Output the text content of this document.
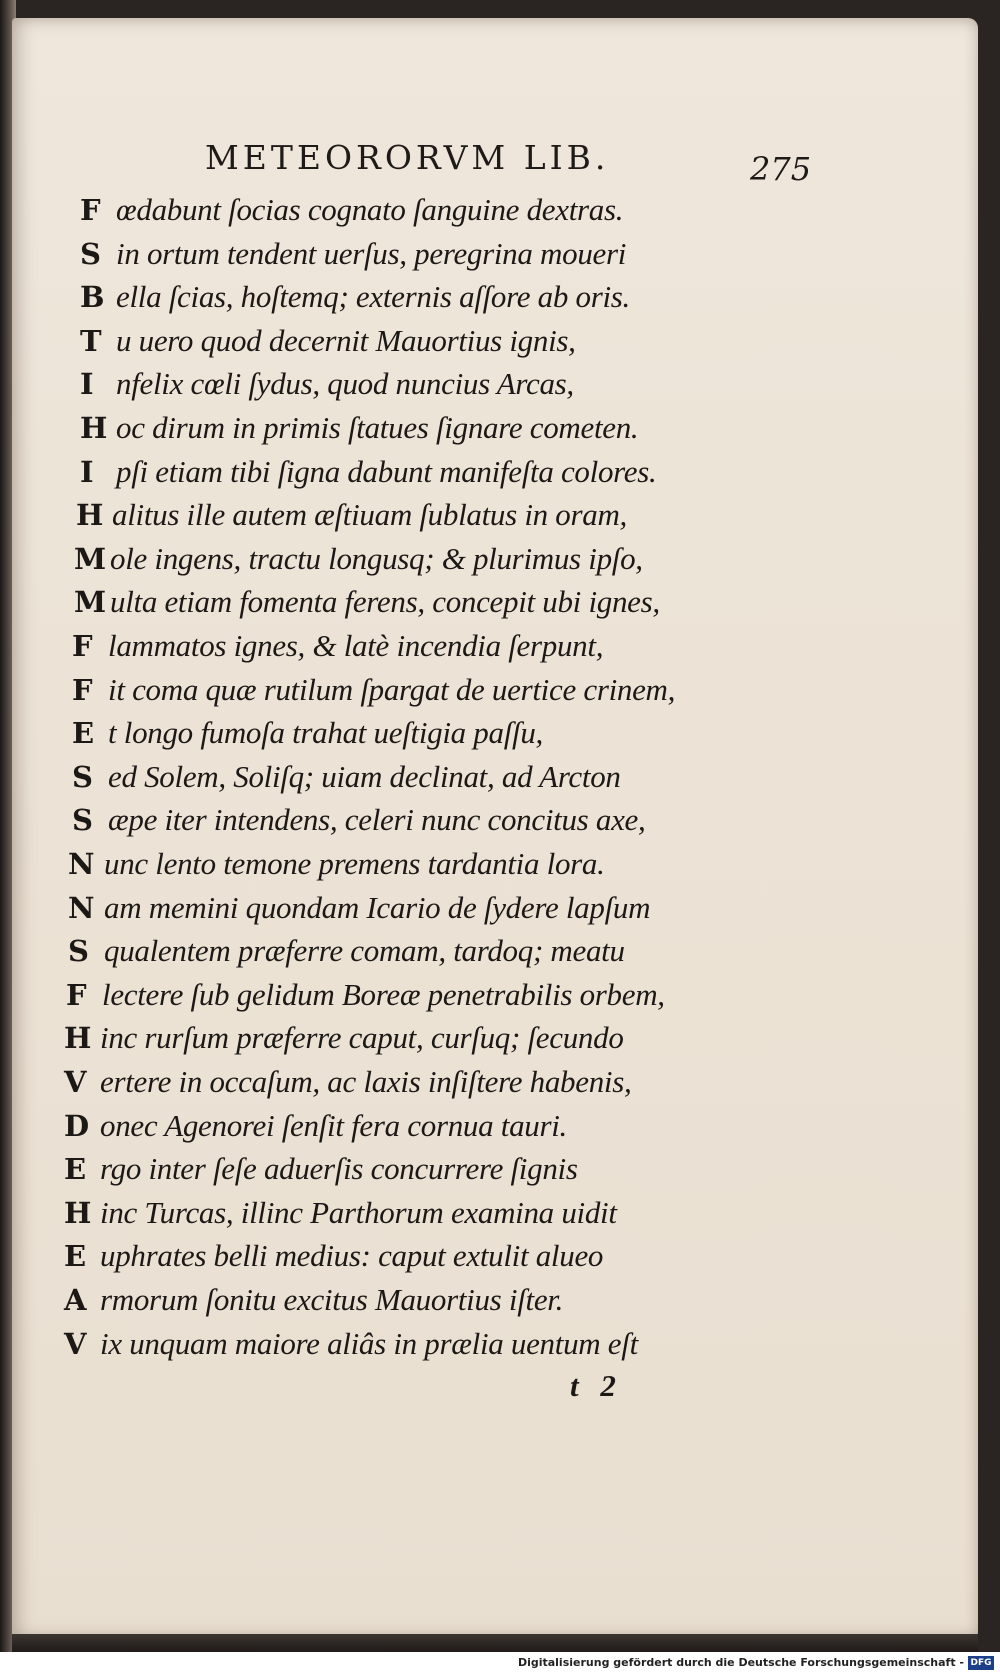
METEORORVM LIB.	275
F œdabunt ſocias cognato ſanguine dextras.
S in ortum tendent uerſus, peregrina moueri
B ella ſcias, hoſtemq; externis aſſore ab oris.
T u uero quod decernit Mauortius ignis,
I nfelix cœli ſydus, quod nuncius Arcas,
H oc dirum in primis ſtatues ſignare cometen.
I pſi etiam tibi ſigna dabunt manifeſta colores.
H alitus ille autem æſtiuam ſublatus in oram,
M ole ingens, tractu longusq; & plurimus ipſo,
M ulta etiam fomenta ferens, concepit ubi ignes,
F lammatos ignes, & latè incendia ſerpunt,
F it coma quæ rutilum ſpargat de uertice crinem,
E t longo fumoſa trahat ueſtigia paſſu,
S ed Solem, Soliſq; uiam declinat, ad Arcton
S æpe iter intendens, celeri nunc concitus axe,
N unc lento temone premens tardantia lora.
N am memini quondam Icario de ſydere lapſum
S qualentem præferre comam, tardoq; meatu
F lectere ſub gelidum Boreæ penetrabilis orbem,
H inc rurſum præferre caput, curſuq; ſecundo
V ertere in occaſum, ac laxis inſiſtere habenis,
D onec Agenorei ſenſit fera cornua tauri.
E rgo inter ſeſe aduerſis concurrere ſignis
H inc Turcas, illinc Parthorum examina uidit
E uphrates belli medius: caput extulit alueo
A rmorum ſonitu excitus Mauortius iſter.
V ix unquam maiore aliâs in prælia uentum eſt
t 2
Digitalisierung gefördert durch die Deutsche Forschungsgemeinschaft - DFG
